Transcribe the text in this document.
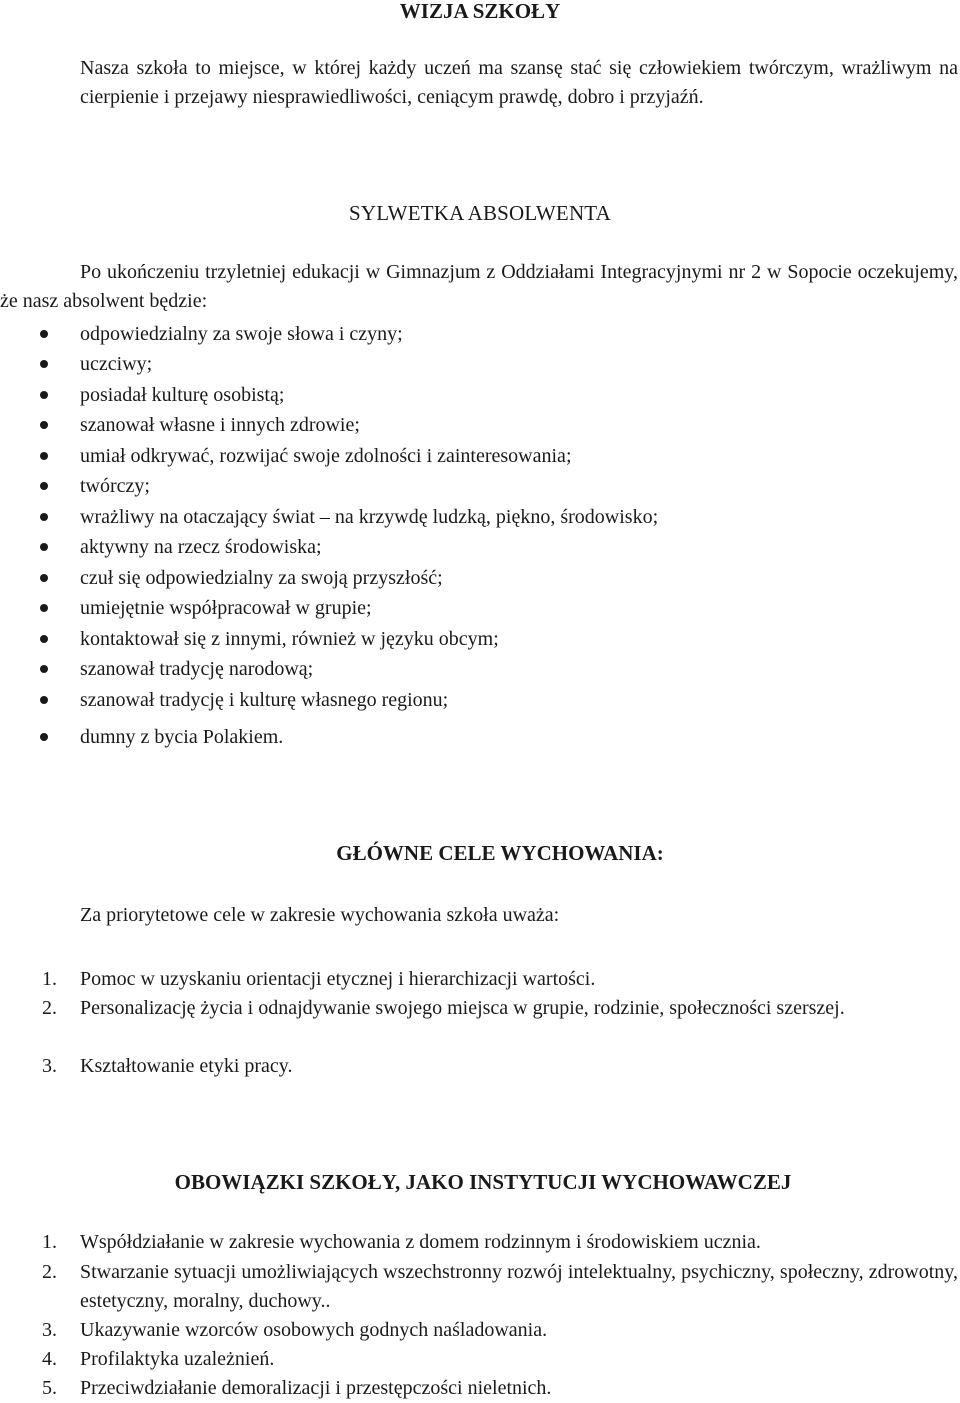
WIZJA SZKOŁY
Nasza szkoła to miejsce, w której każdy uczeń ma szansę stać się człowiekiem twórczym, wrażliwym na cierpienie i przejawy niesprawiedliwości, ceniącym prawdę, dobro i przyjaźń.
SYLWETKA ABSOLWENTA
Po ukończeniu trzyletniej edukacji w Gimnazjum z Oddziałami Integracyjnymi nr 2 w Sopocie oczekujemy, że nasz absolwent będzie:
odpowiedzialny za swoje słowa i czyny;
uczciwy;
posiadał kulturę osobistą;
szanował własne i innych zdrowie;
umiał odkrywać, rozwijać swoje zdolności i zainteresowania;
twórczy;
wrażliwy na otaczający świat – na krzywdę ludzką, piękno, środowisko;
aktywny na rzecz środowiska;
czuł się odpowiedzialny za swoją przyszłość;
umiejętnie współpracował w grupie;
kontaktował się z innymi, również w języku obcym;
szanował tradycję narodową;
szanował tradycję i kulturę własnego regionu;
dumny z bycia Polakiem.
GŁÓWNE CELE WYCHOWANIA:
Za priorytetowe cele w zakresie wychowania szkoła uważa:
1. Pomoc w uzyskaniu orientacji etycznej i hierarchizacji wartości.
2. Personalizację życia i odnajdywanie swojego miejsca w grupie, rodzinie, społeczności szerszej.
3. Kształtowanie etyki pracy.
OBOWIĄZKI SZKOŁY, JAKO INSTYTUCJI WYCHOWAWCZEJ
1. Współdziałanie w zakresie wychowania z domem rodzinnym i środowiskiem ucznia.
2. Stwarzanie sytuacji umożliwiających wszechstronny rozwój intelektualny, psychiczny, społeczny, zdrowotny, estetyczny, moralny, duchowy..
3. Ukazywanie wzorców osobowych godnych naśladowania.
4. Profilaktyka uzależnień.
5. Przeciwdziałanie demoralizacji i przestępczości nieletnich.
